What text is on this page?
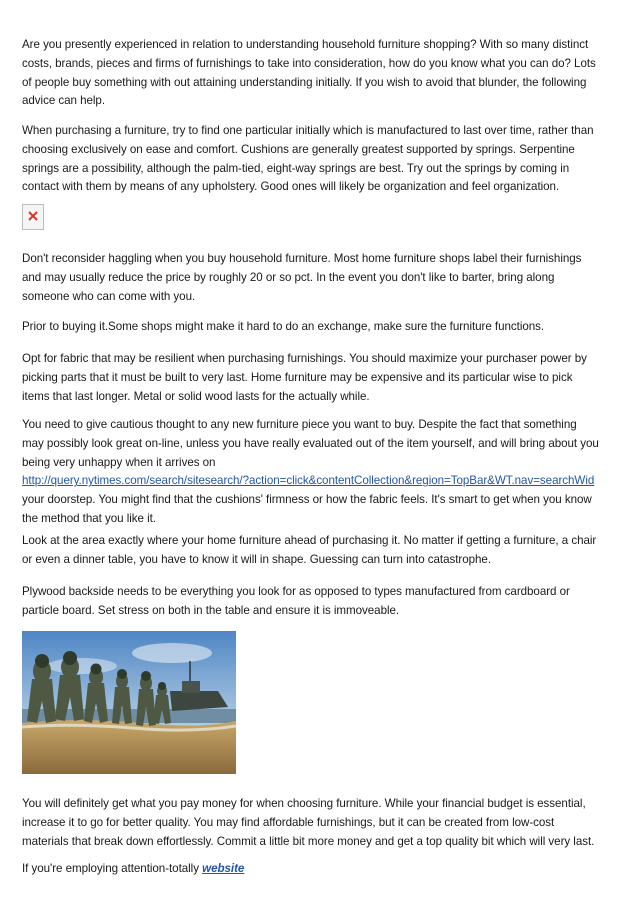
Are you presently experienced in relation to understanding household furniture shopping? With so many distinct
costs, brands, pieces and firms of furnishings to take into consideration, how do you know what you can do? Lots
of people buy something with out attaining understanding initially. If you wish to avoid that blunder, the following
advice can help.

When purchasing a furniture, try to find one particular initially which is manufactured to last over time, rather than
choosing exclusively on ease and comfort. Cushions are generally greatest supported by springs. Serpentine
springs are a possibility, although the palm-tied, eight-way springs are best. Try out the springs by coming in
contact with them by means of any upholstery. Good ones will likely be organization and feel organization.

Don't reconsider haggling when you buy household furniture. Most home furniture shops label their furnishings
and may usually reduce the price by roughly 20 or so pct. In the event you don't like to barter, bring along
someone who can come with you.

Prior to buying it.Some shops might make it hard to do an exchange, make sure the furniture functions.

Opt for fabric that may be resilient when purchasing furnishings. You should maximize your purchaser power by
picking parts that it must be built to very last. Home furniture may be expensive and its particular wise to pick
items that last longer. Metal or solid wood lasts for the actually while.

You need to give cautious thought to any new furniture piece you want to buy. Despite the fact that something
may possibly look great on-line, unless you have really evaluated out of the item yourself, and will bring about you
being very unhappy when it arrives on
http://query.nytimes.com/search/sitesearch/?action=click&contentCollection&region=TopBar&WT.nav=searchWid
your doorstep. You might find that the cushions' firmness or how the fabric feels. It's smart to get when you know
the method that you like it.

Look at the area exactly where your home furniture ahead of purchasing it. No matter if getting a furniture, a chair
or even a dinner table, you have to know it will in shape. Guessing can turn into catastrophe.

Plywood backside needs to be everything you look for as opposed to types manufactured from cardboard or
particle board. Set stress on both in the table and ensure it is immoveable.

You will definitely get what you pay money for when choosing furniture. While your financial budget is essential,
increase it to go for better quality. You may find affordable furnishings, but it can be created from low-cost
materials that break down effortlessly. Commit a little bit more money and get a top quality bit which will very last.

If you're employing attention-totally website
